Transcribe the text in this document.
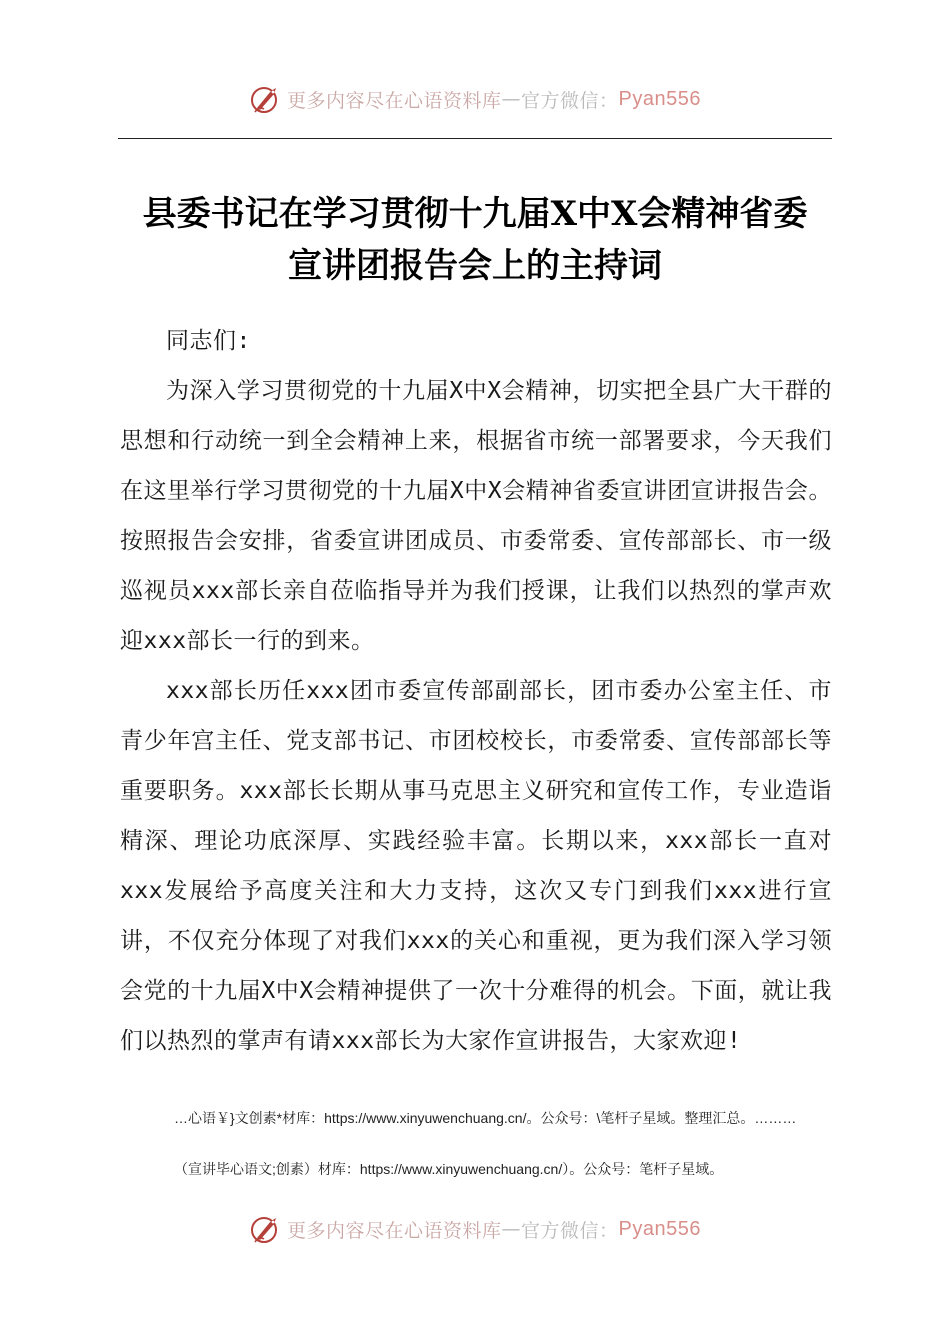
更多内容尽在心语资料库 — 官方微信： Pyan556
县委书记在学习贯彻十九届X中X会精神省委
宣讲团报告会上的主持词

同志们:

为深入学习贯彻党的十九届X中X会精神，切实把全县广大干群的思想和行动统一到全会精神上来，根据省市统一部署要求，今天我们在这里举行学习贯彻党的十九届X中X会精神省委宣讲团宣讲报告会。按照报告会安排，省委宣讲团成员、市委常委、宣传部部长、市一级巡视员xxx部长亲自莅临指导并为我们授课，让我们以热烈的掌声欢迎xxx部长一行的到来。

xxx部长历任xxx团市委宣传部副部长，团市委办公室主任、市青少年宫主任、党支部书记、市团校校长，市委常委、宣传部部长等重要职务。xxx部长长期从事马克思主义研究和宣传工作，专业造诣精深、理论功底深厚、实践经验丰富。长期以来，xxx部长一直对xxx发展给予高度关注和大力支持，这次又专门到我们xxx进行宣讲，不仅充分体现了对我们xxx的关心和重视，更为我们深入学习领会党的十九届X中X会精神提供了一次十分难得的机会。下面，就让我们以热烈的掌声有请xxx部长为大家作宣讲报告，大家欢迎!

…心语￥}文创素*材库：https://www.xinyuwenchuang.cn/。公众号：\笔杆子星域。整理汇总。………
（宣讲毕心语文;创素）材库：https://www.xinyuwenchuang.cn/）。公众号：笔杆子星域。
更多内容尽在心语资料库 — 官方微信： Pyan556
